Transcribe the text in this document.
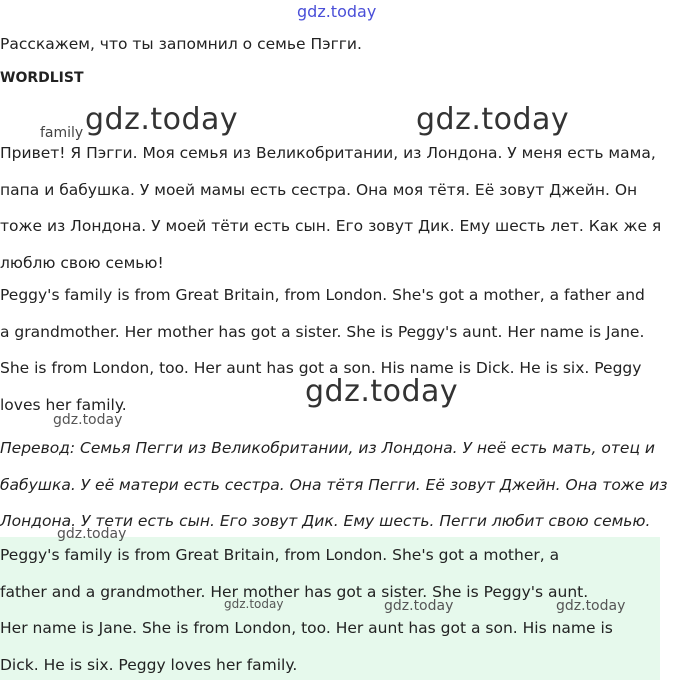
gdz.today
Расскажем, что ты запомнил о семье Пэгги.
WORDLIST
family
Привет! Я Пэгги. Моя семья из Великобритании, из Лондона. У меня есть мама,
папа и бабушка. У моей мамы есть сестра. Она моя тётя. Её зовут Джейн. Он
тоже из Лондона. У моей тёти есть сын. Его зовут Дик. Ему шесть лет. Как же я
люблю свою семью!
Peggy's family is from Great Britain, from London. She's got a mother, a father and
a grandmother. Her mother has got a sister. She is Peggy's aunt. Her name is Jane.
She is from London, too. Her aunt has got a son. His name is Dick. He is six. Peggy
loves her family.
Перевод: Семья Пегги из Великобритании, из Лондона. У неё есть мать, отец и
бабушка. У её матери есть сестра. Она тётя Пегги. Её зовут Джейн. Она тоже из
Лондона. У тети есть сын. Его зовут Дик. Ему шесть. Пегги любит свою семью.
Peggy's family is from Great Britain, from London. She's got a mother, a
father and a grandmother. Her mother has got a sister. She is Peggy's aunt.
Her name is Jane. She is from London, too. Her aunt has got a son. His name is
Dick. He is six. Peggy loves her family.
gdz.today	gdz.today
gdz.today
gdz.today
gdz.today
gdz.today	gdz.today	gdz.today
